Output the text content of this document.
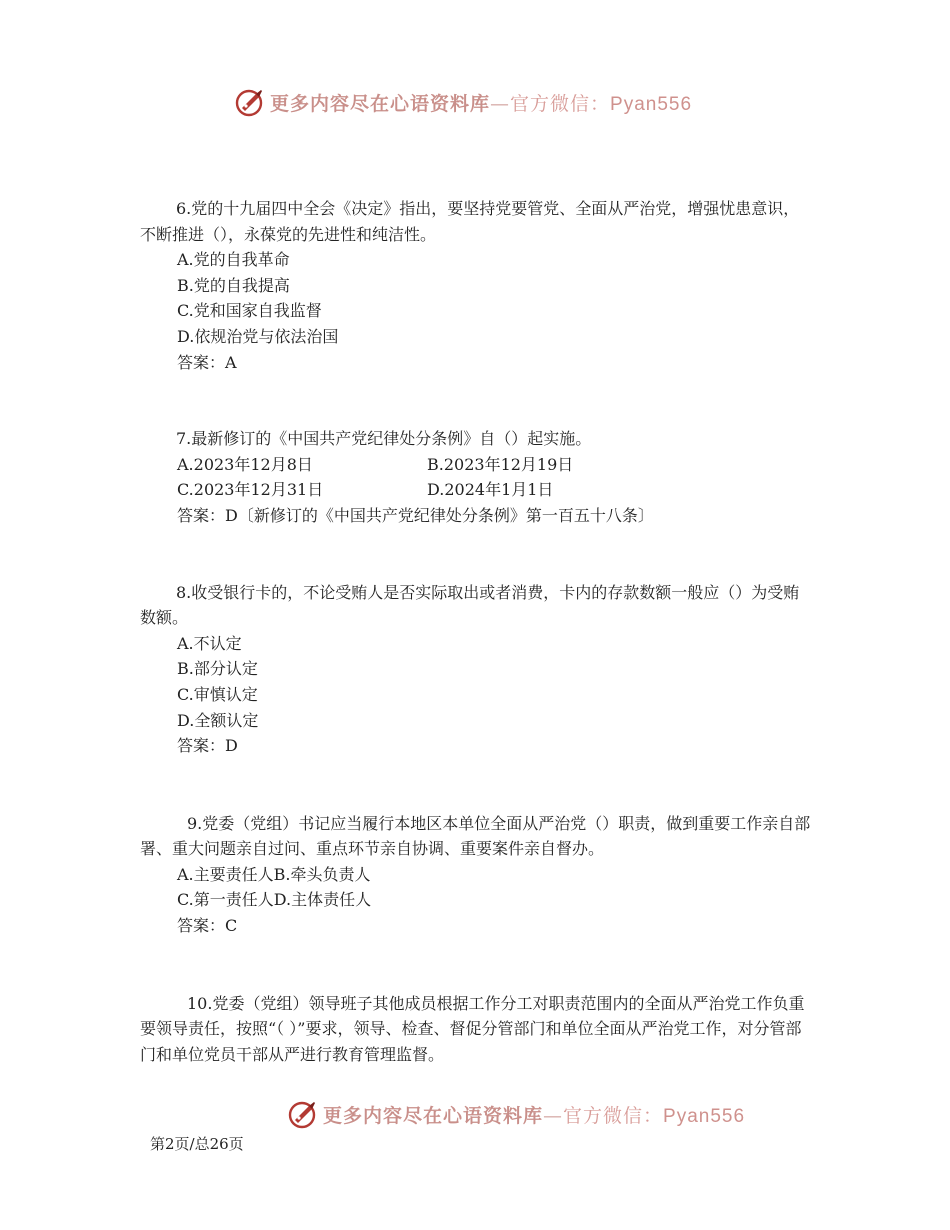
更多内容尽在心语资料库—官方微信：Pyan556

6.党的十九届四中全会《决定》指出，要坚持党要管党、全面从严治党，增强忧患意识，不断推进（），永葆党的先进性和纯洁性。

A.党的自我革命

B.党的自我提高

C.党和国家自我监督

D.依规治党与依法治国

答案：A

7.最新修订的《中国共产党纪律处分条例》自（）起实施。

A.2023年12月8日	B.2023年12月19日
C.2023年12月31日	D.2024年1月1日

答案：D〔新修订的《中国共产党纪律处分条例》第一百五十八条〕

8.收受银行卡的，不论受贿人是否实际取出或者消费，卡内的存款数额一般应（）为受贿数额。

A.不认定

B.部分认定

C.审慎认定

D.全额认定

答案：D

9.党委（党组）书记应当履行本地区本单位全面从严治党（）职责，做到重要工作亲自部署、重大问题亲自过问、重点环节亲自协调、重要案件亲自督办。

A.主要责任人B.牵头负责人

C.第一责任人D.主体责任人

答案：C

10.党委（党组）领导班子其他成员根据工作分工对职责范围内的全面从严治党工作负重要领导责任，按照“（ ）”要求，领导、检查、督促分管部门和单位全面从严治党工作，对分管部门和单位党员干部从严进行教育管理监督。

更多内容尽在心语资料库—官方微信：Pyan556
第2页/总26页
